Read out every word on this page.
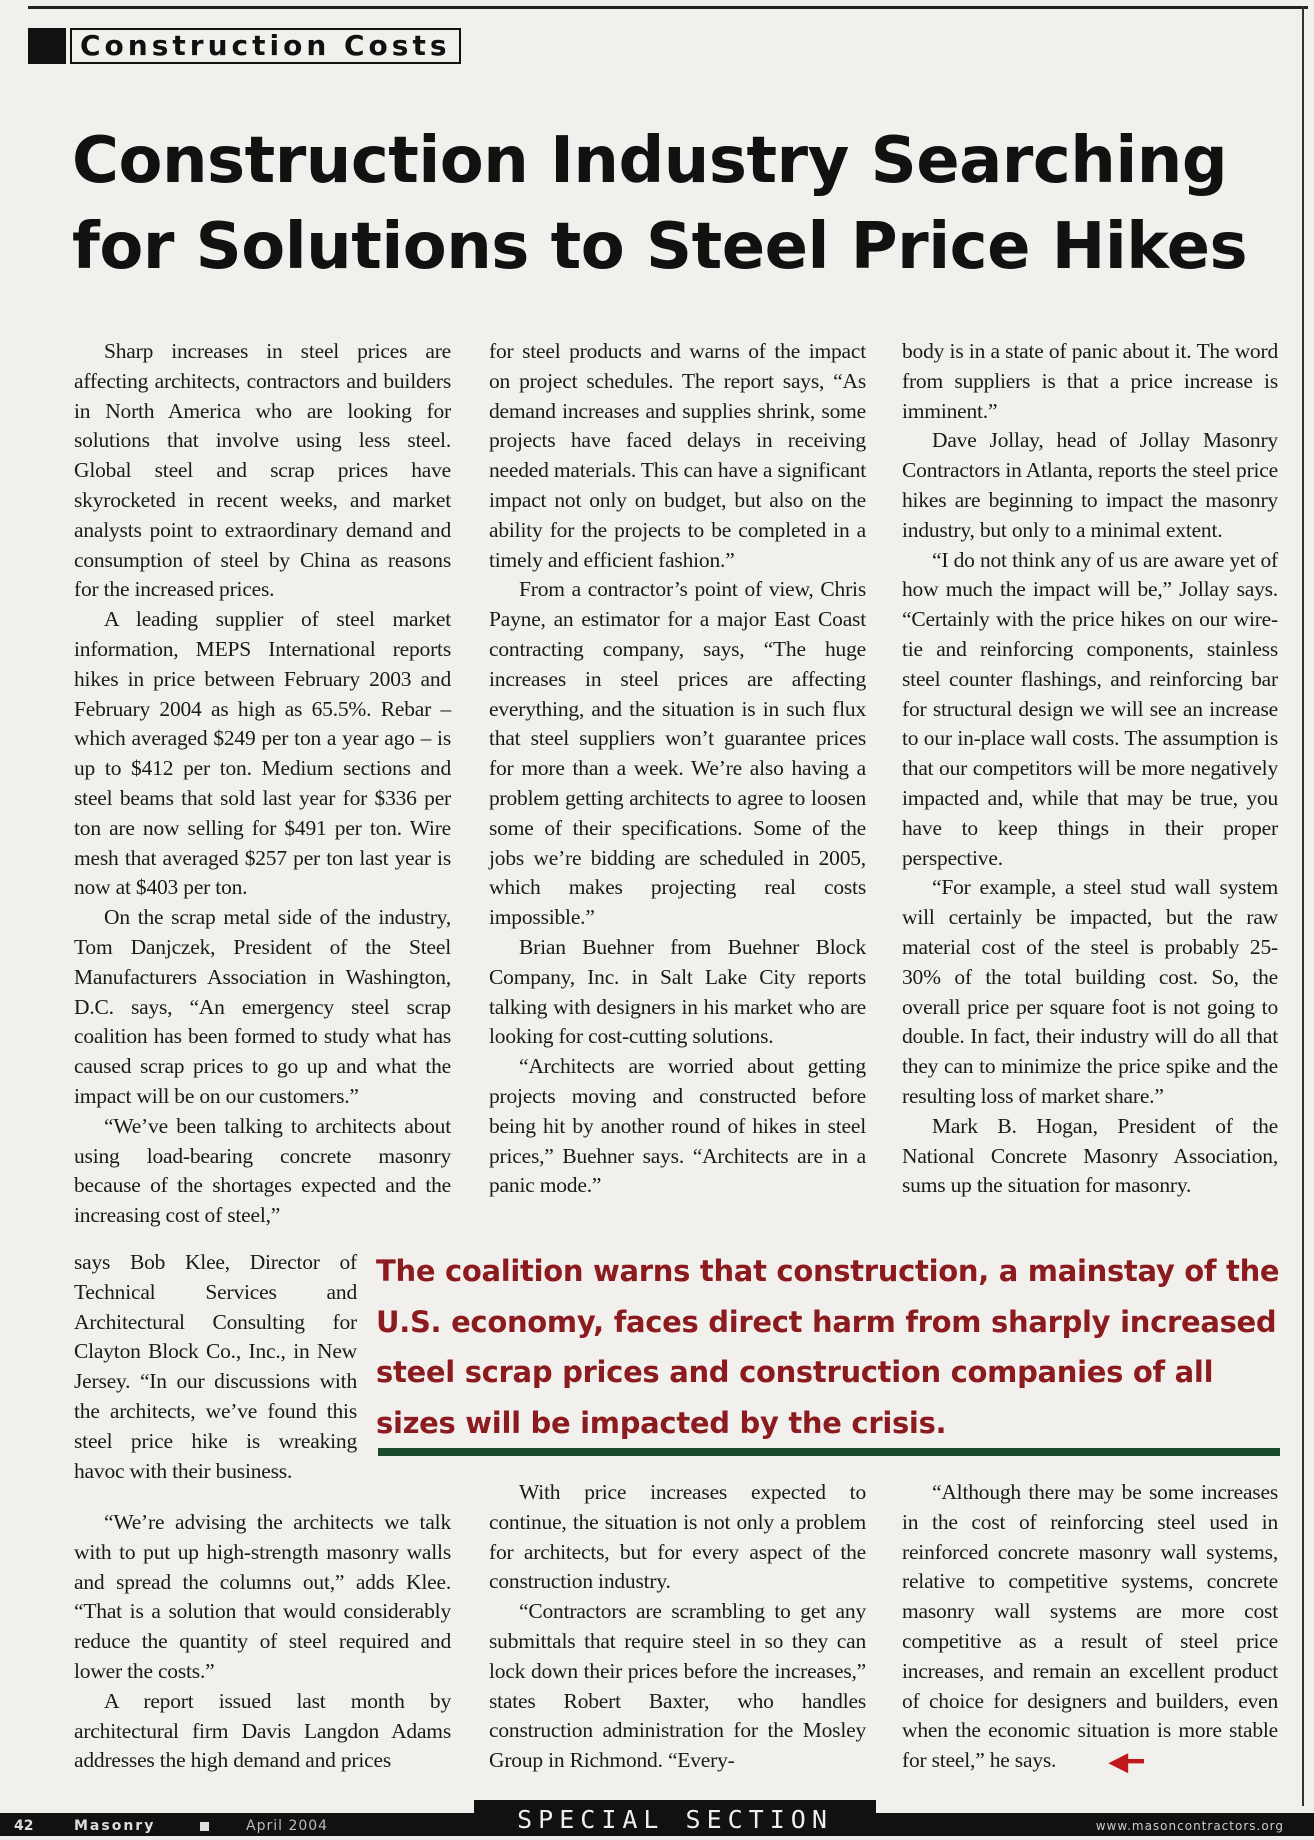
Construction Costs
Construction Industry Searching
for Solutions to Steel Price Hikes

Sharp increases in steel prices are affecting architects, contractors and builders in North America who are looking for solutions that involve using less steel. Global steel and scrap prices have skyrocketed in recent weeks, and market analysts point to extraordinary demand and consumption of steel by China as reasons for the increased prices.

A leading supplier of steel market information, MEPS International reports hikes in price between February 2003 and February 2004 as high as 65.5%. Rebar – which averaged $249 per ton a year ago – is up to $412 per ton. Medium sections and steel beams that sold last year for $336 per ton are now selling for $491 per ton. Wire mesh that averaged $257 per ton last year is now at $403 per ton.

On the scrap metal side of the industry, Tom Danjczek, President of the Steel Manufacturers Association in Washington, D.C. says, “An emergency steel scrap coalition has been formed to study what has caused scrap prices to go up and what the impact will be on our customers.”

“We’ve been talking to architects about using load-bearing concrete masonry because of the shortages expected and the increasing cost of steel,”

says Bob Klee, Director of Technical Services and Architectural Consulting for Clayton Block Co., Inc., in New Jersey. “In our discussions with the architects, we’ve found this steel price hike is wreaking havoc with their business.

“We’re advising the architects we talk with to put up high-strength masonry walls and spread the columns out,” adds Klee. “That is a solution that would considerably reduce the quantity of steel required and lower the costs.”

A report issued last month by architectural firm Davis Langdon Adams addresses the high demand and prices

for steel products and warns of the impact on project schedules. The report says, “As demand increases and supplies shrink, some projects have faced delays in receiving needed materials. This can have a significant impact not only on budget, but also on the ability for the projects to be completed in a timely and efficient fashion.”

From a contractor’s point of view, Chris Payne, an estimator for a major East Coast contracting company, says, “The huge increases in steel prices are affecting everything, and the situation is in such flux that steel suppliers won’t guarantee prices for more than a week. We’re also having a problem getting architects to agree to loosen some of their specifications. Some of the jobs we’re bidding are scheduled in 2005, which makes projecting real costs impossible.”

Brian Buehner from Buehner Block Company, Inc. in Salt Lake City reports talking with designers in his market who are looking for cost-cutting solutions.

“Architects are worried about getting projects moving and constructed before being hit by another round of hikes in steel prices,” Buehner says. “Architects are in a panic mode.”

With price increases expected to continue, the situation is not only a problem for architects, but for every aspect of the construction industry.

“Contractors are scrambling to get any submittals that require steel in so they can lock down their prices before the increases,” states Robert Baxter, who handles construction administration for the Mosley Group in Richmond. “Every-

body is in a state of panic about it. The word from suppliers is that a price increase is imminent.”

Dave Jollay, head of Jollay Masonry Contractors in Atlanta, reports the steel price hikes are beginning to impact the masonry industry, but only to a minimal extent.

“I do not think any of us are aware yet of how much the impact will be,” Jollay says. “Certainly with the price hikes on our wire-tie and reinforcing components, stainless steel counter flashings, and reinforcing bar for structural design we will see an increase to our in-place wall costs. The assumption is that our competitors will be more negatively impacted and, while that may be true, you have to keep things in their proper perspective.

“For example, a steel stud wall system will certainly be impacted, but the raw material cost of the steel is probably 25-30% of the total building cost. So, the overall price per square foot is not going to double. In fact, their industry will do all that they can to minimize the price spike and the resulting loss of market share.”

Mark B. Hogan, President of the National Concrete Masonry Association, sums up the situation for masonry.

“Although there may be some increases in the cost of reinforcing steel used in reinforced concrete masonry wall systems, relative to competitive systems, concrete masonry wall systems are more cost competitive as a result of steel price increases, and remain an excellent product of choice for designers and builders, even when the economic situation is more stable for steel,” he says. ◀━

The coalition warns that construction, a mainstay of the U.S. economy, faces direct harm from sharply increased steel scrap prices and construction companies of all sizes will be impacted by the crisis.
42	Masonry	April 2004	www.masoncontractors.org
SPECIAL SECTION
